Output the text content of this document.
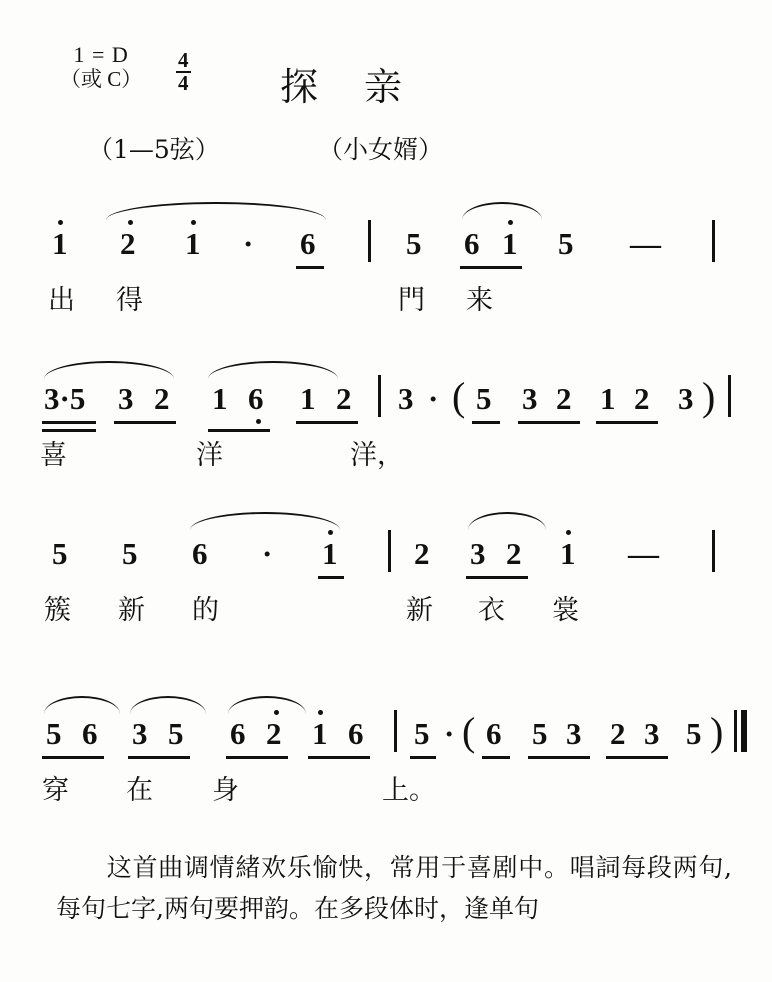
1 = D
（或 $C) \frac{4}{4}$ 探亲
（1—5弦）	（小女婿）
1 2 1 · 6	5 6 1 5 —
出 得	門 来
3·5 3 2 1 6 1 2 3 · ( 5 3 2 1 2 3 )
喜	洋	洋，
5 5 6 · 1 2 3 2 1 —
簇 新 的	新 衣 裳
5 6 3 5 6 2 1 6 5 · ( 6 5 3 2 3 5 )
穿 在 身	上。
这首曲调情緒欢乐愉快，常用于喜剧中。唱詞每段两句,每句七字,两句要押韵。在多段体时，逢单句
